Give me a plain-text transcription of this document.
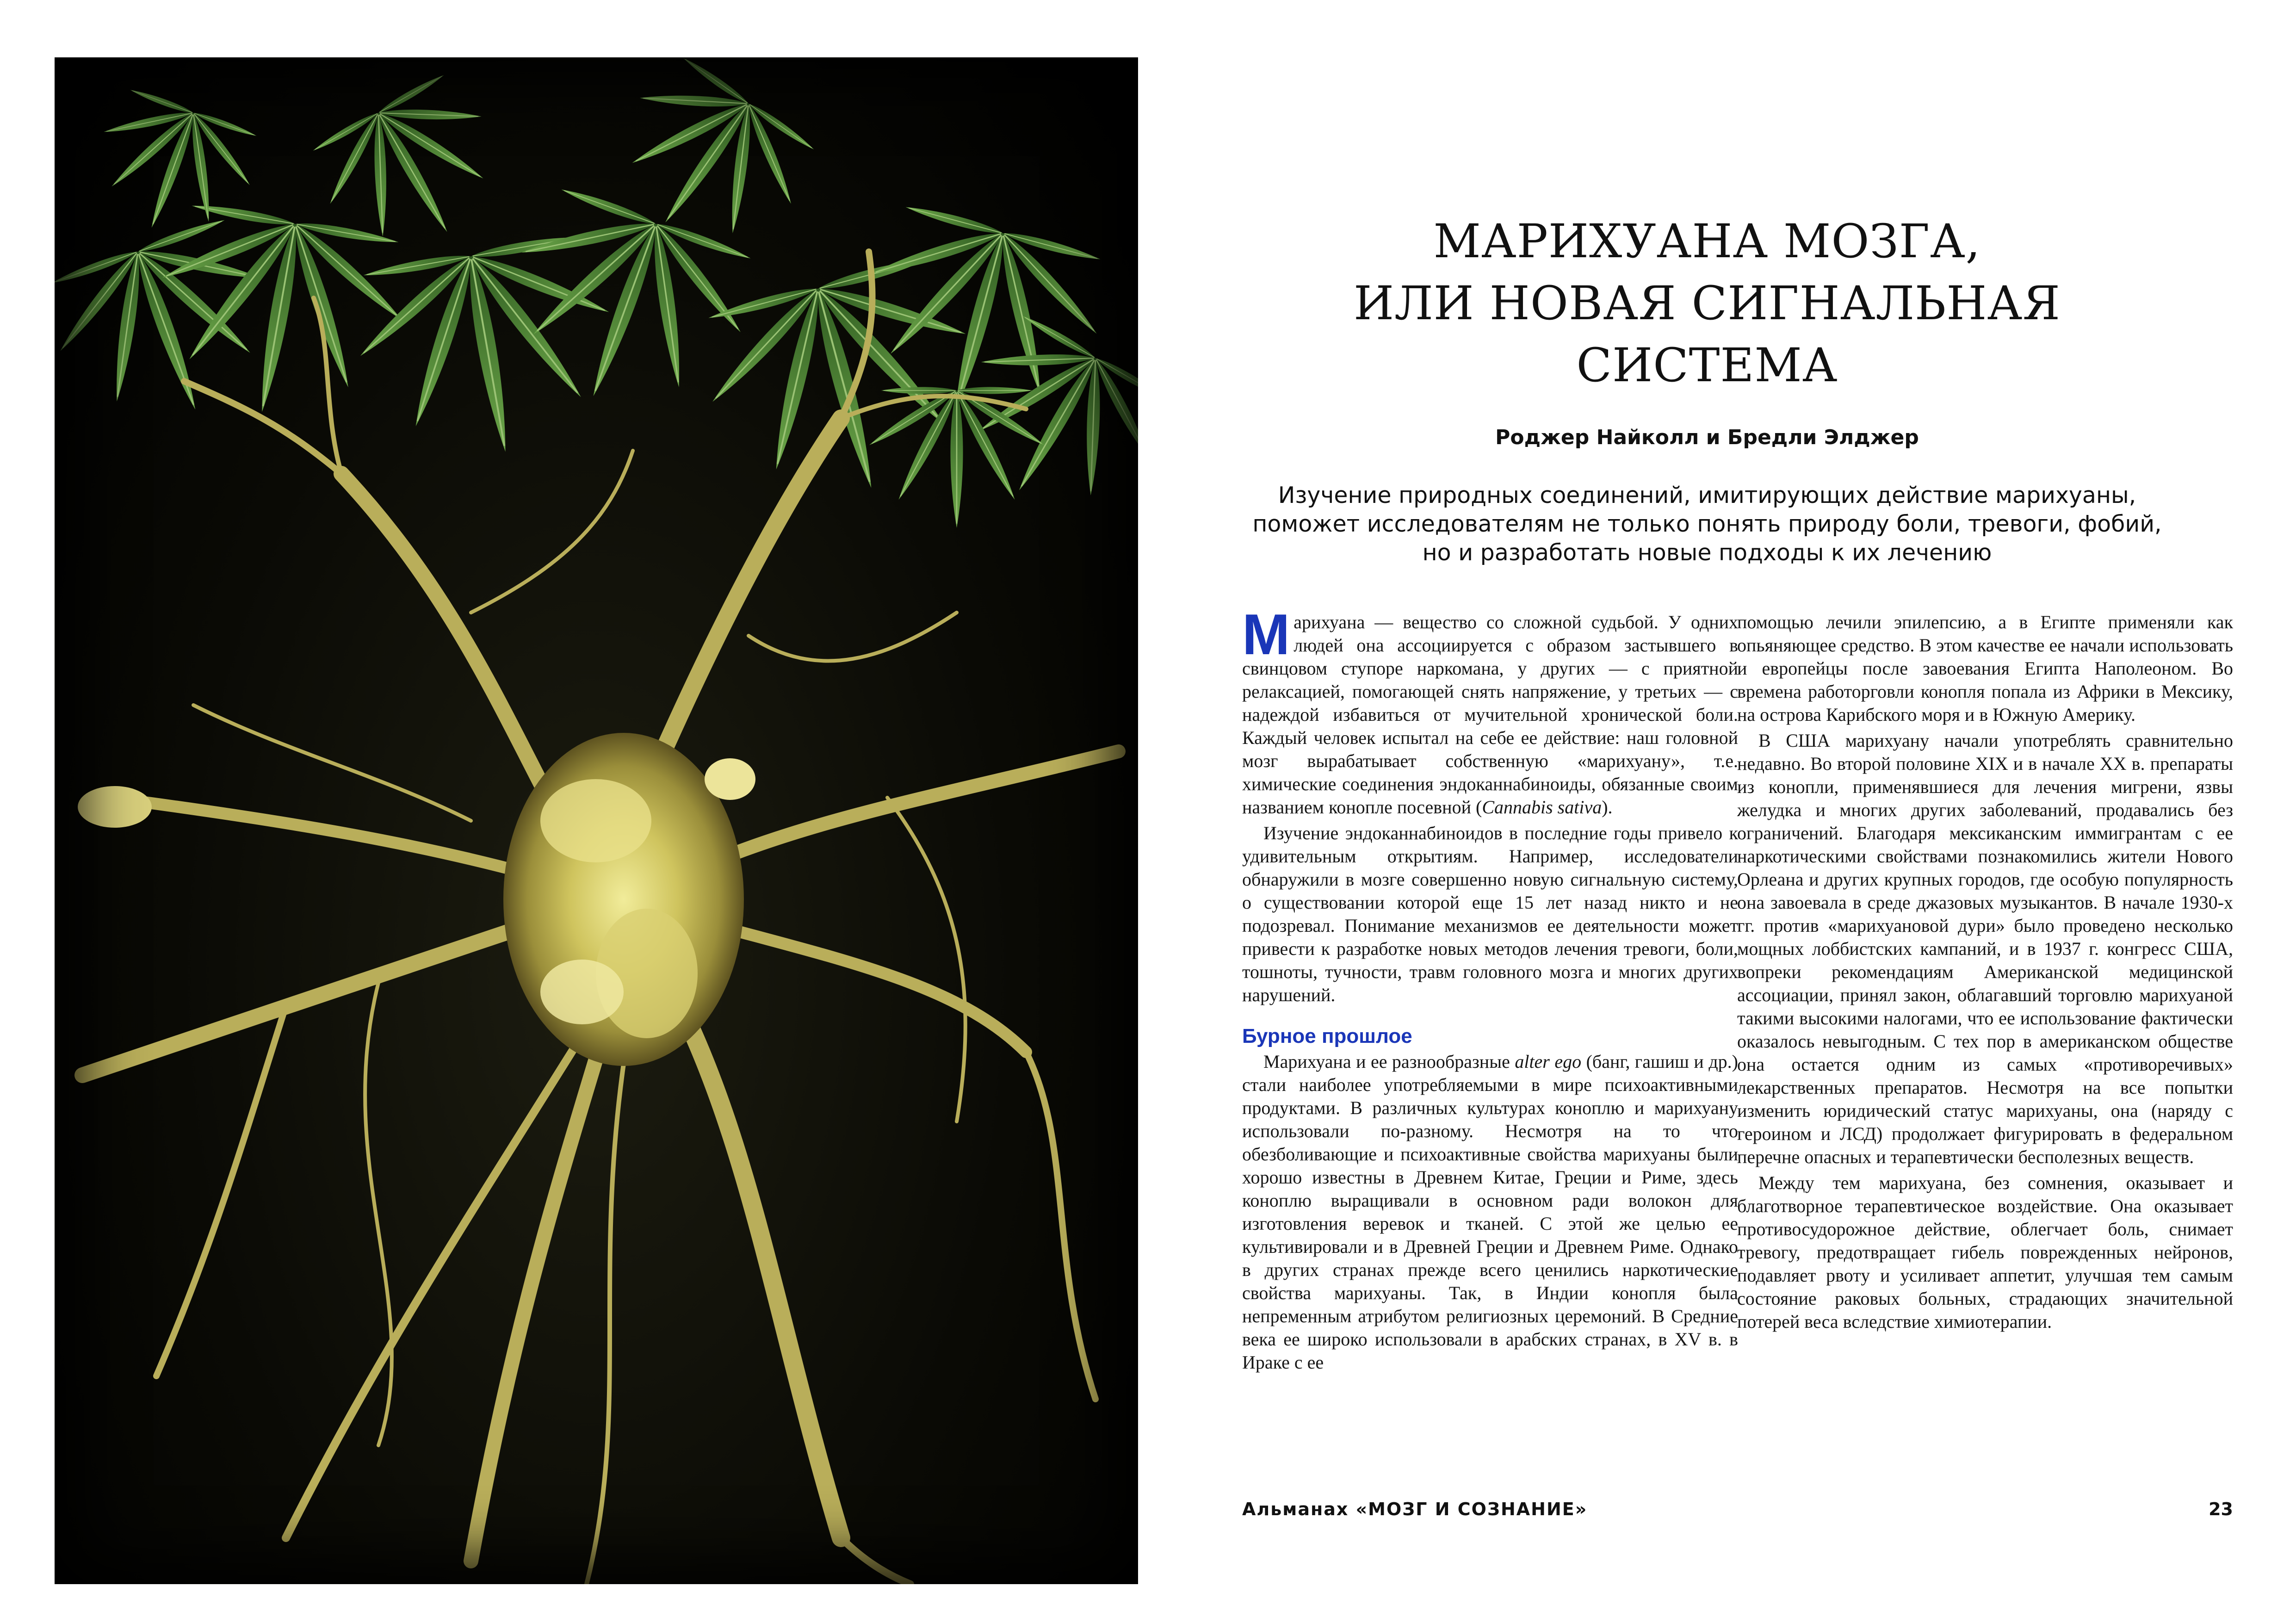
МАРИХУАНА МОЗГА,
ИЛИ НОВАЯ СИГНАЛЬНАЯ
СИСТЕМА
Роджер Найколл и Бредли Элджер
Изучение природных соединений, имитирующих действие марихуаны,
поможет исследователям не только понять природу боли, тревоги, фобий,
но и разработать новые подходы к их лечению

Марихуана — вещество со сложной судьбой. У одних людей она ассоциируется с образом застывшего в свинцовом ступоре наркомана, у других — с приятной релаксацией, помогающей снять напряжение, у третьих — с надеждой избавиться от мучительной хронической боли. Каждый человек испытал на себе ее действие: наш головной мозг вырабатывает собственную «марихуану», т.е. химические соединения эндоканнабиноиды, обязанные своим названием конопле посевной (Cannabis sativa).

Изучение эндоканнабиноидов в последние годы привело к удивительным открытиям. Например, исследователи обнаружили в мозге совершенно новую сигнальную систему, о существовании которой еще 15 лет назад никто и не подозревал. Понимание механизмов ее деятельности может привести к разработке новых методов лечения тревоги, боли, тошноты, тучности, травм головного мозга и многих других нарушений.

Бурное прошлое

Марихуана и ее разнообразные alter ego (банг, гашиш и др.) стали наиболее употребляемыми в мире психоактивными продуктами. В различных культурах коноплю и марихуану использовали по-разному. Несмотря на то что обезболивающие и психоактивные свойства марихуаны были хорошо известны в Древнем Китае, Греции и Риме, здесь коноплю выращивали в основном ради волокон для изготовления веревок и тканей. С этой же целью ее культивировали и в Древней Греции и Древнем Риме. Однако в других странах прежде всего ценились наркотические свойства марихуаны. Так, в Индии конопля была непременным атрибутом религиозных церемоний. В Средние века ее широко использовали в арабских странах, в XV в. в Ираке с ее

помощью лечили эпилепсию, а в Египте применяли как опьяняющее средство. В этом качестве ее начали использовать и европейцы после завоевания Египта Наполеоном. Во времена работорговли конопля попала из Африки в Мексику, на острова Карибского моря и в Южную Америку.

В США марихуану начали употреблять сравнительно недавно. Во второй половине XIX и в начале XX в. препараты из конопли, применявшиеся для лечения мигрени, язвы желудка и многих других заболеваний, продавались без ограничений. Благодаря мексиканским иммигрантам с ее наркотическими свойствами познакомились жители Нового Орлеана и других крупных городов, где особую популярность она завоевала в среде джазовых музыкантов. В начале 1930-х гг. против «марихуановой дури» было проведено несколько мощных лоббистских кампаний, и в 1937 г. конгресс США, вопреки рекомендациям Американской медицинской ассоциации, принял закон, облагавший торговлю марихуаной такими высокими налогами, что ее использование фактически оказалось невыгодным. С тех пор в американском обществе она остается одним из самых «противоречивых» лекарственных препаратов. Несмотря на все попытки изменить юридический статус марихуаны, она (наряду с героином и ЛСД) продолжает фигурировать в федеральном перечне опасных и терапевтически бесполезных веществ.

Между тем марихуана, без сомнения, оказывает и благотворное терапевтическое воздействие. Она оказывает противосудорожное действие, облегчает боль, снимает тревогу, предотвращает гибель поврежденных нейронов, подавляет рвоту и усиливает аппетит, улучшая тем самым состояние раковых больных, страдающих значительной потерей веса вследствие химиотерапии.

Альманах «МОЗГ И СОЗНАНИЕ»	23
